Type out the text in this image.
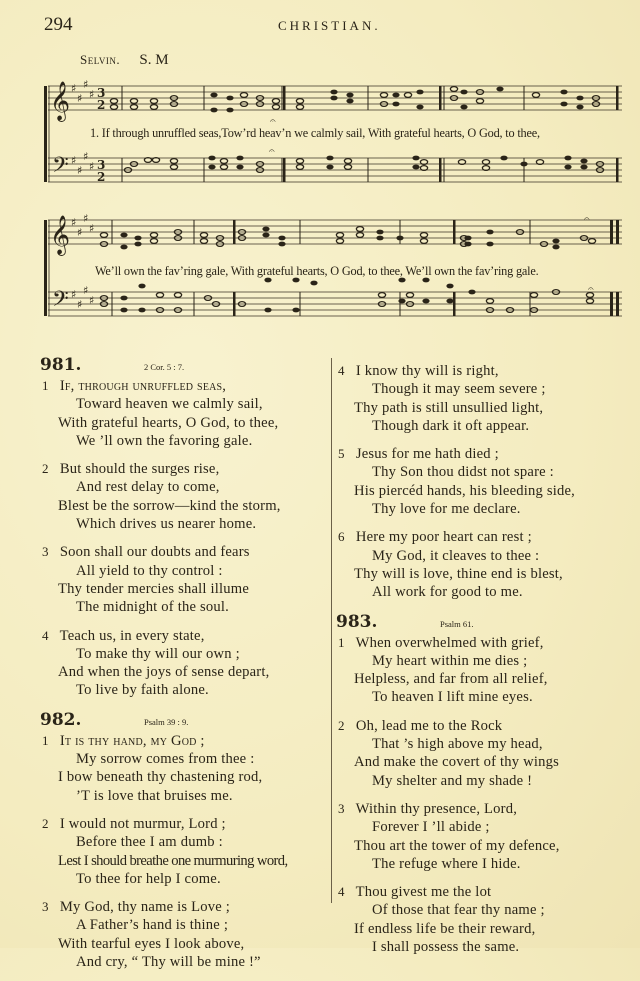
294	CHRISTIAN.
Selvin. S. M
𝄞
𝄢
♯
♯
♯
♯
♯
♯
♯
♯
3
2
3
2
𝄐
𝄐
1. If through unruffled seas,Tow’rd heav’n we calmly sail, With grateful hearts, O God, to thee,
𝄞
𝄢
♯
♯
♯
♯
♯
♯
♯
♯
𝄐
𝄐
We’ll own the fav’ring gale, With grateful hearts, O God, to thee, We’ll own the fav’ring gale.
981.	2 Cor. 5 : 7.
1 If, through unruffled seas,
Toward heaven we calmly sail,
With grateful hearts, O God, to thee,
We ’ll own the favoring gale.
2 But should the surges rise,
And rest delay to come,
Blest be the sorrow—kind the storm,
Which drives us nearer home.
3 Soon shall our doubts and fears
All yield to thy control :
Thy tender mercies shall illume
The midnight of the soul.
4 Teach us, in every state,
To make thy will our own ;
And when the joys of sense depart,
To live by faith alone.
982.	Psalm 39 : 9.
1 It is thy hand, my God ;
My sorrow comes from thee :
I bow beneath thy chastening rod,
’T is love that bruises me.
2 I would not murmur, Lord ;
Before thee I am dumb :
Lest I should breathe one murmuring word,
To thee for help I come.
3 My God, thy name is Love ;
A Father’s hand is thine ;
With tearful eyes I look above,
And cry, “ Thy will be mine !”
4 I know thy will is right,
Though it may seem severe ;
Thy path is still unsullied light,
Though dark it oft appear.
5 Jesus for me hath died ;
Thy Son thou didst not spare :
His piercéd hands, his bleeding side,
Thy love for me declare.
6 Here my poor heart can rest ;
My God, it cleaves to thee :
Thy will is love, thine end is blest,
All work for good to me.
983.	Psalm 61.
1 When overwhelmed with grief,
My heart within me dies ;
Helpless, and far from all relief,
To heaven I lift mine eyes.
2 Oh, lead me to the Rock
That ’s high above my head,
And make the covert of thy wings
My shelter and my shade !
3 Within thy presence, Lord,
Forever I ’ll abide ;
Thou art the tower of my defence,
The refuge where I hide.
4 Thou givest me the lot
Of those that fear thy name ;
If endless life be their reward,
I shall possess the same.
